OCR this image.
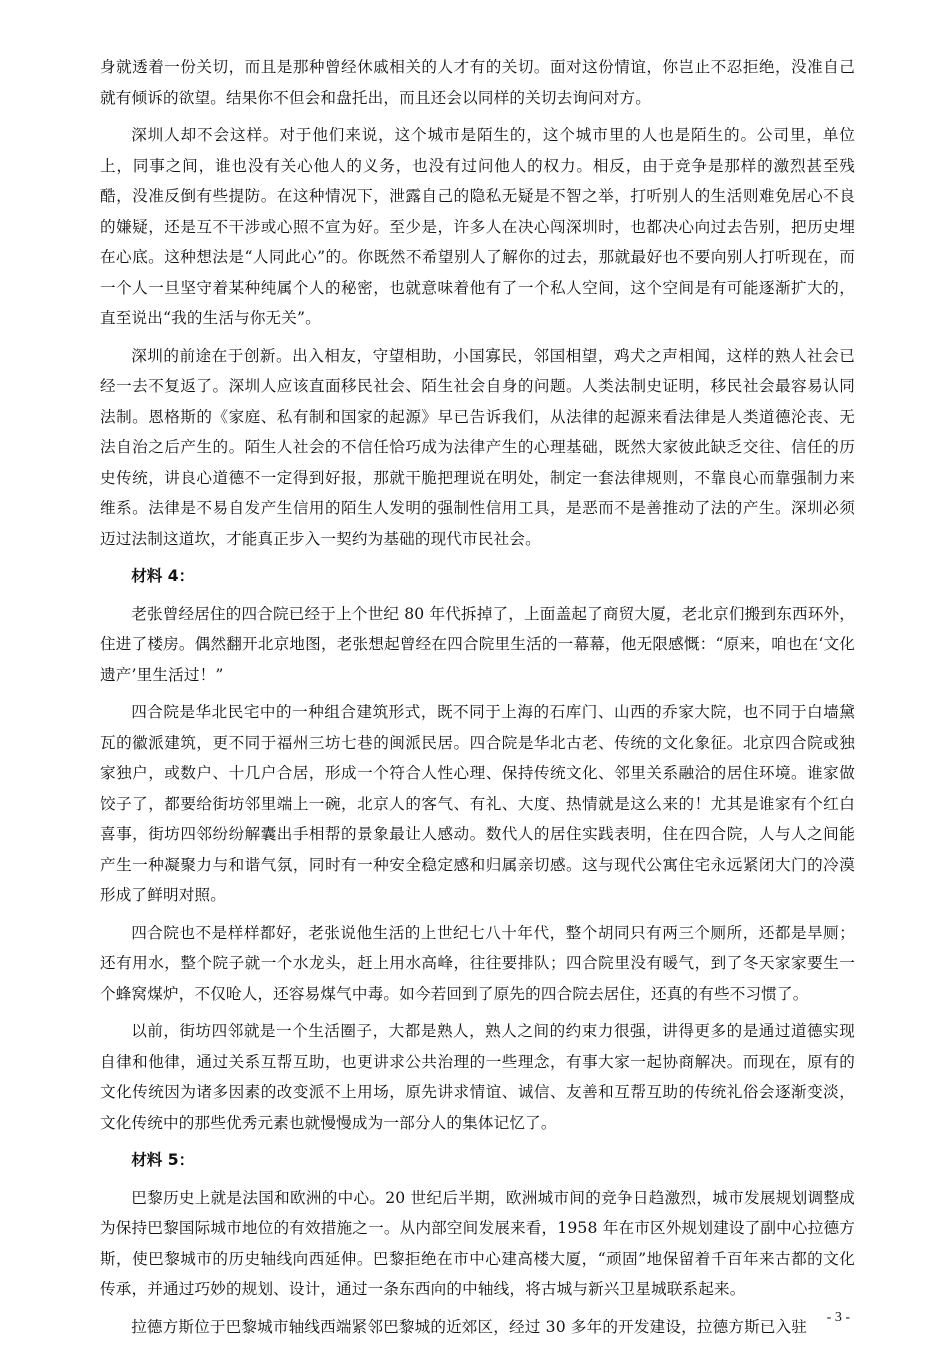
身就透着一份关切，而且是那种曾经休戚相关的人才有的关切。面对这份情谊，你岂止不忍拒绝，没准自己就有倾诉的欲望。结果你不但会和盘托出，而且还会以同样的关切去询问对方。

深圳人却不会这样。对于他们来说，这个城市是陌生的，这个城市里的人也是陌生的。公司里，单位上，同事之间，谁也没有关心他人的义务，也没有过问他人的权力。相反，由于竞争是那样的激烈甚至残酷，没准反倒有些提防。在这种情况下，泄露自己的隐私无疑是不智之举，打听别人的生活则难免居心不良的嫌疑，还是互不干涉或心照不宣为好。至少是，许多人在决心闯深圳时，也都决心向过去告别，把历史埋在心底。这种想法是“人同此心”的。你既然不希望别人了解你的过去，那就最好也不要向别人打听现在，而一个人一旦坚守着某种纯属个人的秘密，也就意味着他有了一个私人空间，这个空间是有可能逐渐扩大的，直至说出“我的生活与你无关”。

深圳的前途在于创新。出入相友，守望相助，小国寡民，邻国相望，鸡犬之声相闻，这样的熟人社会已经一去不复返了。深圳人应该直面移民社会、陌生社会自身的问题。人类法制史证明，移民社会最容易认同法制。恩格斯的《家庭、私有制和国家的起源》早已告诉我们，从法律的起源来看法律是人类道德沦丧、无法自治之后产生的。陌生人社会的不信任恰巧成为法律产生的心理基础，既然大家彼此缺乏交往、信任的历史传统，讲良心道德不一定得到好报，那就干脆把理说在明处，制定一套法律规则，不靠良心而靠强制力来维系。法律是不易自发产生信用的陌生人发明的强制性信用工具，是恶而不是善推动了法的产生。深圳必须迈过法制这道坎，才能真正步入一契约为基础的现代市民社会。

材料 4：

老张曾经居住的四合院已经于上个世纪 80 年代拆掉了，上面盖起了商贸大厦，老北京们搬到东西环外，住进了楼房。偶然翻开北京地图，老张想起曾经在四合院里生活的一幕幕，他无限感慨：“原来，咱也在‘文化遗产’里生活过！”

四合院是华北民宅中的一种组合建筑形式，既不同于上海的石库门、山西的乔家大院，也不同于白墙黛瓦的徽派建筑，更不同于福州三坊七巷的闽派民居。四合院是华北古老、传统的文化象征。北京四合院或独家独户，或数户、十几户合居，形成一个符合人性心理、保持传统文化、邻里关系融洽的居住环境。谁家做饺子了，都要给街坊邻里端上一碗，北京人的客气、有礼、大度、热情就是这么来的！尤其是谁家有个红白喜事，街坊四邻纷纷解囊出手相帮的景象最让人感动。数代人的居住实践表明，住在四合院，人与人之间能产生一种凝聚力与和谐气氛，同时有一种安全稳定感和归属亲切感。这与现代公寓住宅永远紧闭大门的冷漠形成了鲜明对照。

四合院也不是样样都好，老张说他生活的上世纪七八十年代，整个胡同只有两三个厕所，还都是旱厕；还有用水，整个院子就一个水龙头，赶上用水高峰，往往要排队；四合院里没有暖气，到了冬天家家要生一个蜂窝煤炉，不仅呛人，还容易煤气中毒。如今若回到了原先的四合院去居住，还真的有些不习惯了。

以前，街坊四邻就是一个生活圈子，大都是熟人，熟人之间的约束力很强，讲得更多的是通过道德实现自律和他律，通过关系互帮互助，也更讲求公共治理的一些理念，有事大家一起协商解决。而现在，原有的文化传统因为诸多因素的改变派不上用场，原先讲求情谊、诚信、友善和互帮互助的传统礼俗会逐渐变淡，文化传统中的那些优秀元素也就慢慢成为一部分人的集体记忆了。

材料 5：

巴黎历史上就是法国和欧洲的中心。20 世纪后半期，欧洲城市间的竞争日趋激烈，城市发展规划调整成为保持巴黎国际城市地位的有效措施之一。从内部空间发展来看，1958 年在市区外规划建设了副中心拉德方斯，使巴黎城市的历史轴线向西延伸。巴黎拒绝在市中心建高楼大厦，“顽固”地保留着千百年来古都的文化传承，并通过巧妙的规划、设计，通过一条东西向的中轴线，将古城与新兴卫星城联系起来。

拉德方斯位于巴黎城市轴线西端紧邻巴黎城的近郊区，经过 30 多年的开发建设，拉德方斯已入驻	- 3 -
